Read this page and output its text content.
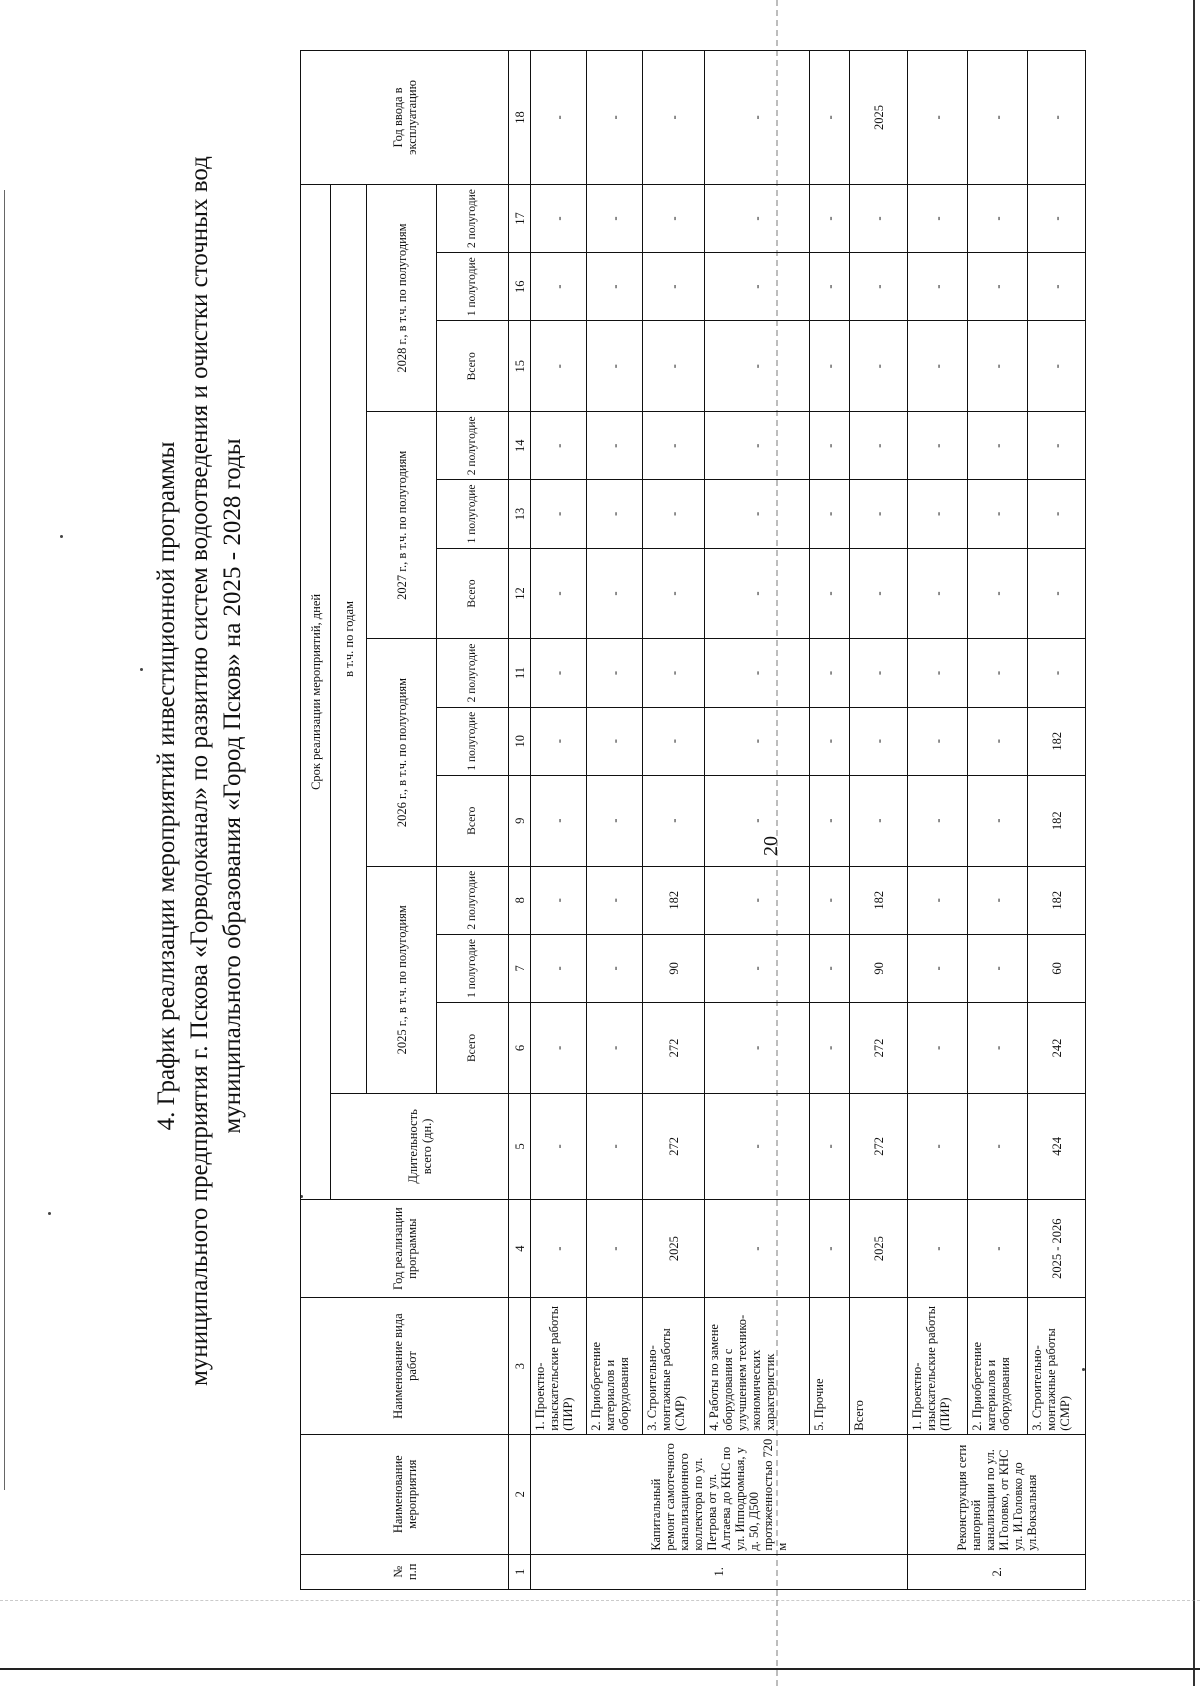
20
4. График реализации мероприятий инвестиционной программы муниципального предприятия г. Пскова «Горводоканал» по развитию систем водоотведения и очистки сточных вод муниципального образования «Город Псков» на 2025 - 2028 годы
№ п.п	Наименование мероприятия	Наименование вида работ	Год реализации программы	Срок реализации мероприятий, дней													Год ввода в эксплуатацию
				Длительность всего (дн.)	в т.ч. по годам												
					2025 г., в т.ч. по полугодиям			2026 г., в т.ч. по полугодиям			2027 г., в т.ч. по полугодиям			2028 г., в т.ч. по полугодиям			
					Всего	1 полугодие	2 полугодие	Всего	1 полугодие	2 полугодие	Всего	1 полугодие	2 полугодие	Всего	1 полугодие	2 полугодие	
1	2	3	4	5	6	7	8	9	10	11	12	13	14	15	16	17	18
1.	Капитальный ремонт самотечного канализационного коллектора по ул. Петрова от ул. Алтаева до КНС по ул. Ипподромная, у д. 50, Д500 протяженностью 720 м	1. Проектно-изыскательские работы (ПИР)	-	-	-	-	-	-	-	-	-	-	-	-	-	-	-
		2. Приобретение материалов и оборудования	-	-	-	-	-	-	-	-	-	-	-	-	-	-	-
		3. Строительно-монтажные работы (СМР)	2025	272	272	90	182	-	-	-	-	-	-	-	-	-	-
		4. Работы по замене оборудования с улучшением технико-экономических характеристик	-	-	-	-	-	-	-	-	-	-	-	-	-	-	-
		5. Прочие	-	-	-	-	-	-	-	-	-	-	-	-	-	-	-
		Всего	2025	272	272	90	182	-	-	-	-	-	-	-	-	-	2025
2.	Реконструкция сети напорной канализации по ул. И.Головко, от КНС ул. И.Головко до ул.Вокзальная	1. Проектно-изыскательские работы (ПИР)	-	-	-	-	-	-	-	-	-	-	-	-	-	-	-
		2. Приобретение материалов и оборудования	-	-	-	-	-	-	-	-	-	-	-	-	-	-	-
		3. Строительно-монтажные работы (СМР)	2025 - 2026	424	242	60	182	182	182	-	-	-	-	-	-	-	-
